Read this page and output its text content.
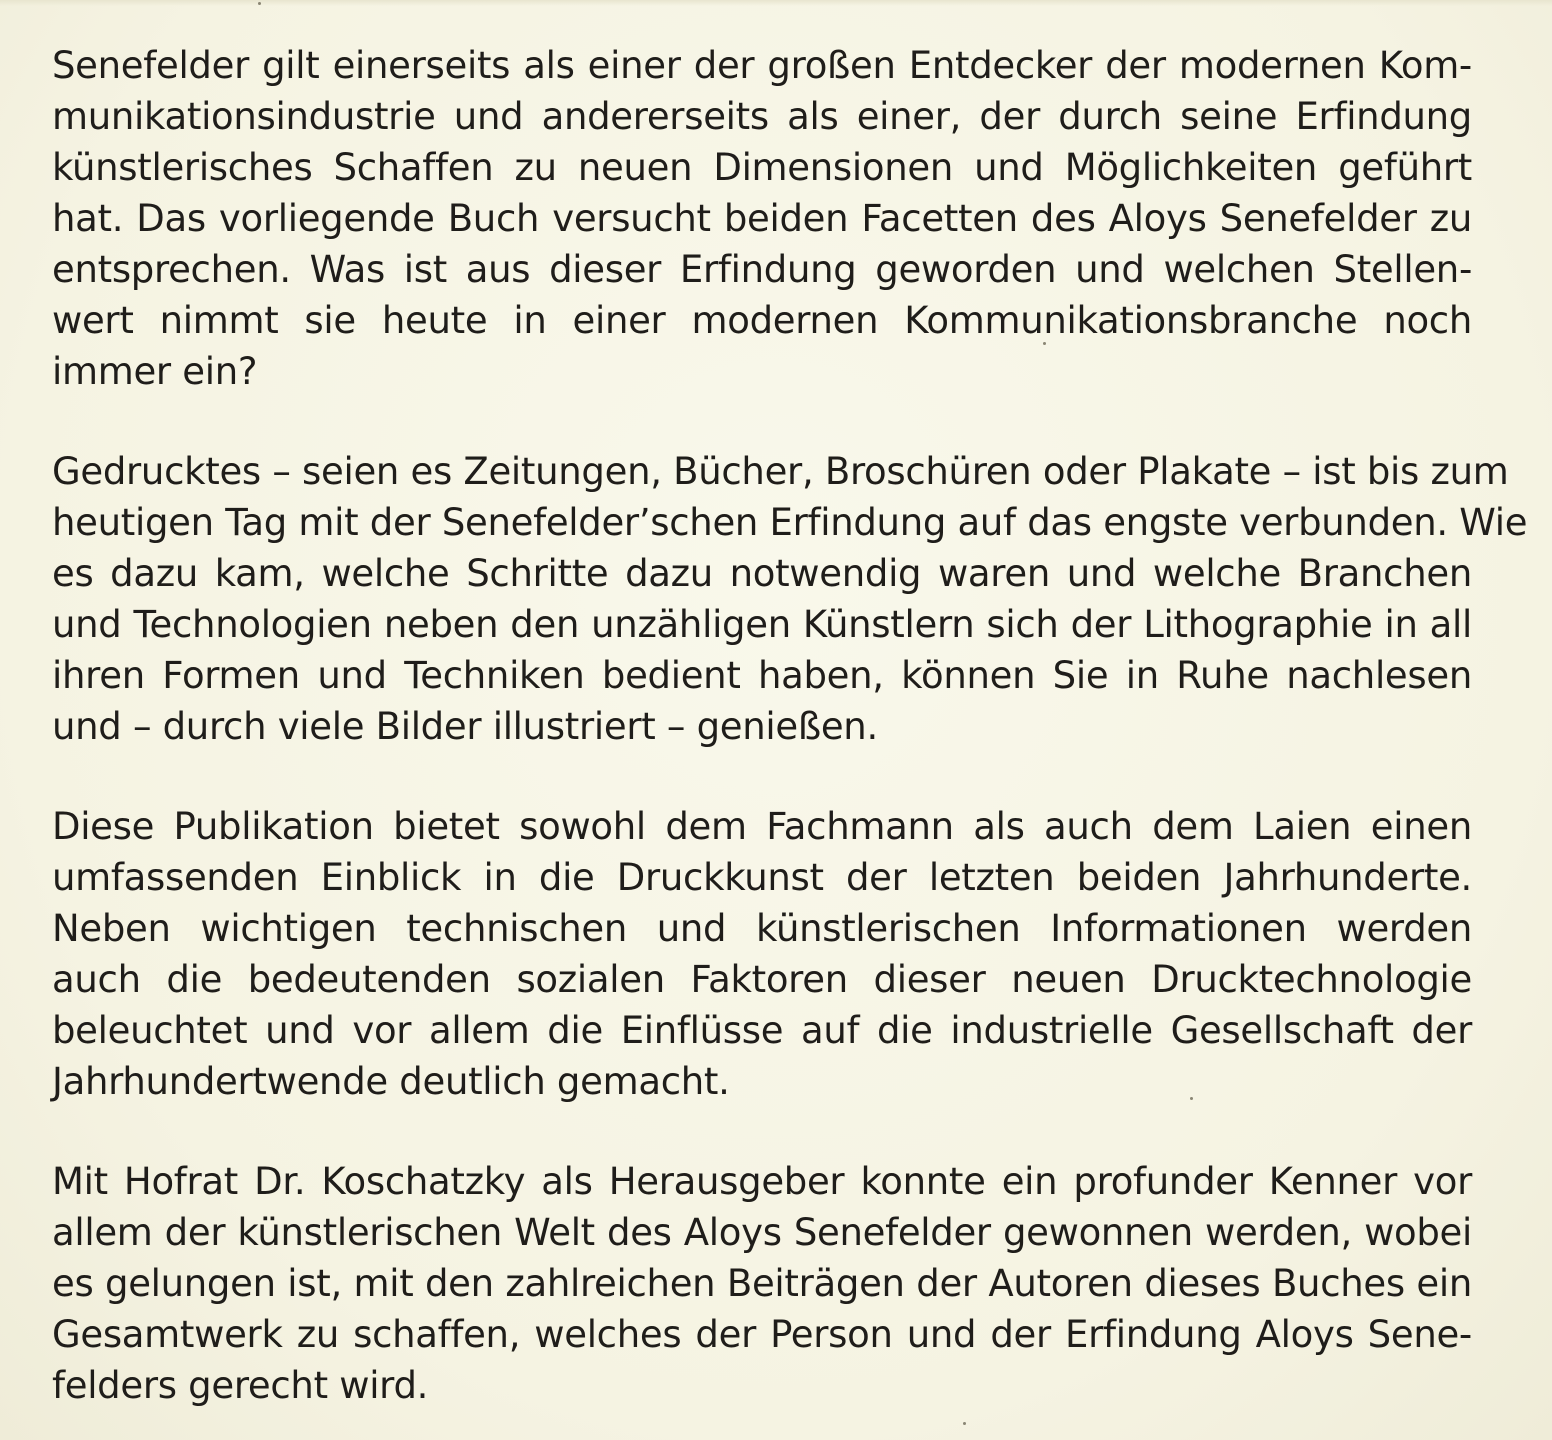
Senefelder gilt einerseits als einer der großen Entdecker der modernen Kom-
munikationsindustrie und andererseits als einer, der durch seine Erfindung
künstlerisches Schaffen zu neuen Dimensionen und Möglichkeiten geführt
hat. Das vorliegende Buch versucht beiden Facetten des Aloys Senefelder zu
entsprechen. Was ist aus dieser Erfindung geworden und welchen Stellen-
wert nimmt sie heute in einer modernen Kommunikationsbranche noch
immer ein?
Gedrucktes – seien es Zeitungen, Bücher, Broschüren oder Plakate – ist bis zum
heutigen Tag mit der Senefelder’schen Erfindung auf das engste verbunden. Wie
es dazu kam, welche Schritte dazu notwendig waren und welche Branchen
und Technologien neben den unzähligen Künstlern sich der Lithographie in all
ihren Formen und Techniken bedient haben, können Sie in Ruhe nachlesen
und – durch viele Bilder illustriert – genießen.
Diese Publikation bietet sowohl dem Fachmann als auch dem Laien einen
umfassenden Einblick in die Druckkunst der letzten beiden Jahrhunderte.
Neben wichtigen technischen und künstlerischen Informationen werden
auch die bedeutenden sozialen Faktoren dieser neuen Drucktechnologie
beleuchtet und vor allem die Einflüsse auf die industrielle Gesellschaft der
Jahrhundertwende deutlich gemacht.
Mit Hofrat Dr. Koschatzky als Herausgeber konnte ein profunder Kenner vor
allem der künstlerischen Welt des Aloys Senefelder gewonnen werden, wobei
es gelungen ist, mit den zahlreichen Beiträgen der Autoren dieses Buches ein
Gesamtwerk zu schaffen, welches der Person und der Erfindung Aloys Sene-
felders gerecht wird.
